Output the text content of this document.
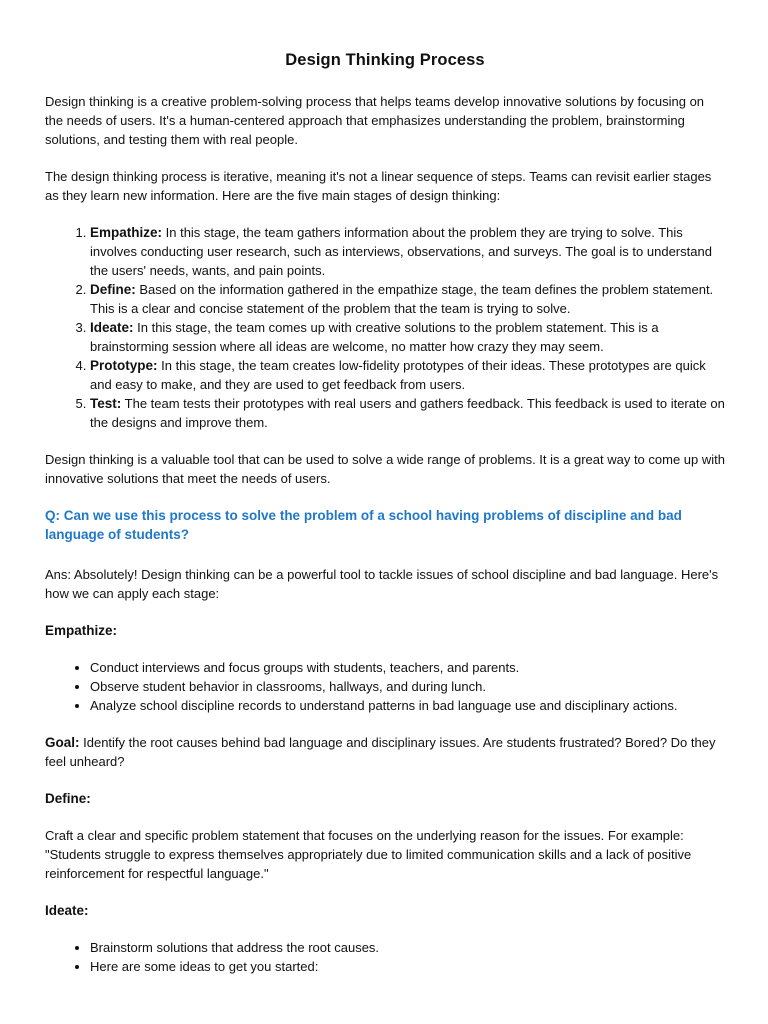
Design Thinking Process

Design thinking is a creative problem-solving process that helps teams develop innovative solutions by focusing on the needs of users. It's a human-centered approach that emphasizes understanding the problem, brainstorming solutions, and testing them with real people.

The design thinking process is iterative, meaning it's not a linear sequence of steps. Teams can revisit earlier stages as they learn new information. Here are the five main stages of design thinking:

1. Empathize: In this stage, the team gathers information about the problem they are trying to solve. This involves conducting user research, such as interviews, observations, and surveys. The goal is to understand the users' needs, wants, and pain points.
2. Define: Based on the information gathered in the empathize stage, the team defines the problem statement. This is a clear and concise statement of the problem that the team is trying to solve.
3. Ideate: In this stage, the team comes up with creative solutions to the problem statement. This is a brainstorming session where all ideas are welcome, no matter how crazy they may seem.
4. Prototype: In this stage, the team creates low-fidelity prototypes of their ideas. These prototypes are quick and easy to make, and they are used to get feedback from users.
5. Test: The team tests their prototypes with real users and gathers feedback. This feedback is used to iterate on the designs and improve them.

Design thinking is a valuable tool that can be used to solve a wide range of problems. It is a great way to come up with innovative solutions that meet the needs of users.

Q: Can we use this process to solve the problem of a school having problems of discipline and bad language of students?

Ans: Absolutely! Design thinking can be a powerful tool to tackle issues of school discipline and bad language. Here's how we can apply each stage:

Empathize:
• Conduct interviews and focus groups with students, teachers, and parents.
• Observe student behavior in classrooms, hallways, and during lunch.
• Analyze school discipline records to understand patterns in bad language use and disciplinary actions.

Goal: Identify the root causes behind bad language and disciplinary issues. Are students frustrated? Bored? Do they feel unheard?

Define:

Craft a clear and specific problem statement that focuses on the underlying reason for the issues. For example: "Students struggle to express themselves appropriately due to limited communication skills and a lack of positive reinforcement for respectful language."

Ideate:
• Brainstorm solutions that address the root causes.
• Here are some ideas to get you started:
